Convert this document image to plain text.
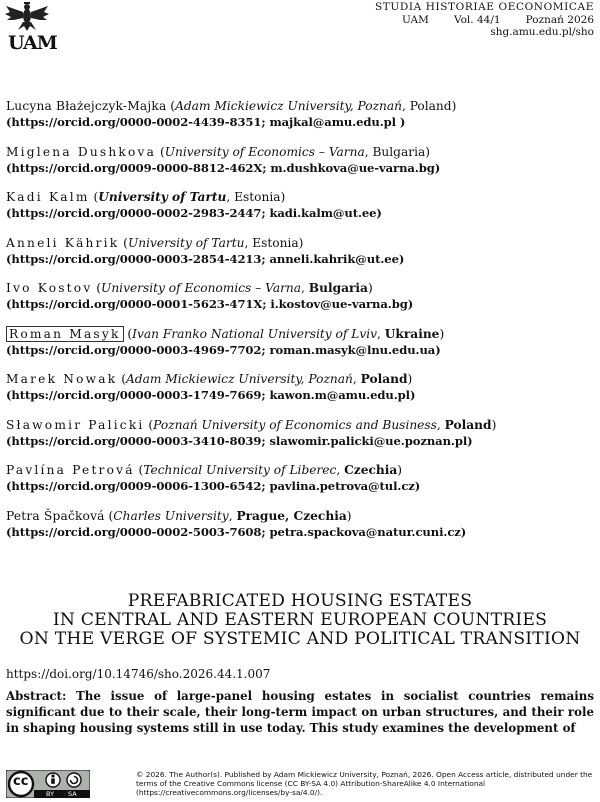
UAM
STUDIA HISTORIAE OECONOMICAE
UAM Vol. 44/1 Poznań 2026
shg.amu.edu.pl/sho
Lucyna Błażejczyk-Majka (Adam Mickiewicz University, Poznań, Poland)
(https://orcid.org/0000-0002-4439-8351; majkal@amu.edu.pl )
Miglena Dushkova (University of Economics – Varna, Bulgaria)
(https://orcid.org/0009-0000-8812-462X; m.dushkova@ue-varna.bg)
Kadi Kalm (University of Tartu, Estonia)
(https://orcid.org/0000-0002-2983-2447; kadi.kalm@ut.ee)
Anneli Kährik (University of Tartu, Estonia)
(https://orcid.org/0000-0003-2854-4213; anneli.kahrik@ut.ee)
Ivo Kostov (University of Economics – Varna, Bulgaria)
(https://orcid.org/0000-0001-5623-471X; i.kostov@ue-varna.bg)
Roman Masyk (Ivan Franko National University of Lviv, Ukraine)
(https://orcid.org/0000-0003-4969-7702; roman.masyk@lnu.edu.ua)
Marek Nowak (Adam Mickiewicz University, Poznań, Poland)
(https://orcid.org/0000-0003-1749-7669; kawon.m@amu.edu.pl)
Sławomir Palicki (Poznań University of Economics and Business, Poland)
(https://orcid.org/0000-0003-3410-8039; slawomir.palicki@ue.poznan.pl)
Pavlína Petrová (Technical University of Liberec, Czechia)
(https://orcid.org/0009-0006-1300-6542; pavlina.petrova@tul.cz)
Petra Špačková (Charles University, Prague, Czechia)
(https://orcid.org/0000-0002-5003-7608; petra.spackova@natur.cuni.cz)
PREFABRICATED HOUSING ESTATES
IN CENTRAL AND EASTERN EUROPEAN COUNTRIES
ON THE VERGE OF SYSTEMIC AND POLITICAL TRANSITION
https://doi.org/10.14746/sho.2026.44.1.007
Abstract: The issue of large-panel housing estates in socialist countries remains significant due to their scale, their long-term impact on urban structures, and their role in shaping housing systems still in use today. This study examines the development of
cc
BY SA
© 2026. The Author(s). Published by Adam Mickiewicz University, Poznań, 2026. Open Access article, distributed under the terms of the Creative Commons license (CC BY-SA 4.0) Attribution-ShareAlike 4.0 International (https://creativecommons.org/licenses/by-sa/4.0/).
